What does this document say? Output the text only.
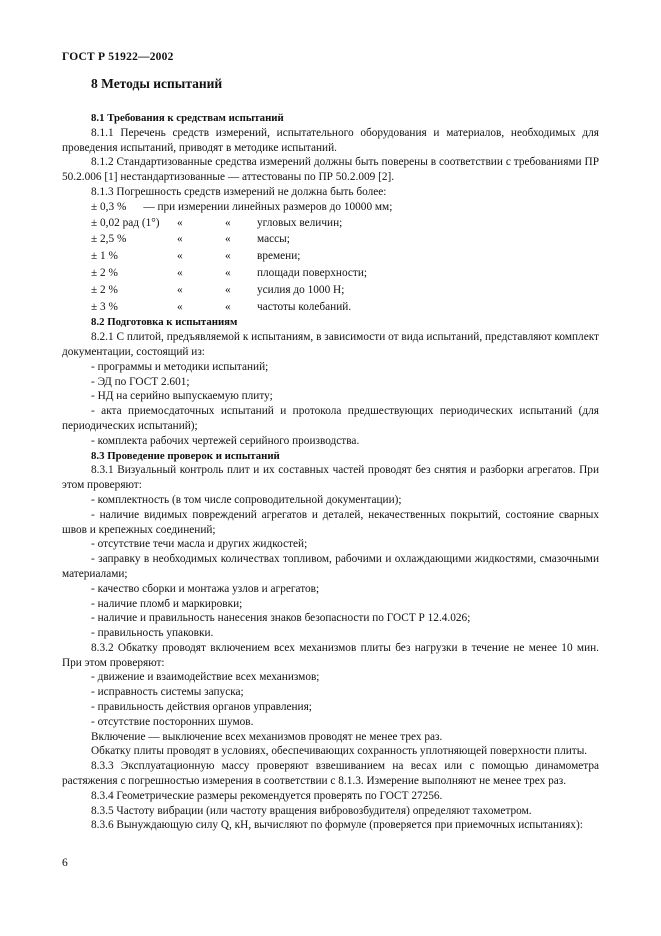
ГОСТ Р 51922—2002
8 Методы испытаний
8.1 Требования к средствам испытаний

8.1.1 Перечень средств измерений, испытательного оборудования и материалов, необходимых для проведения испытаний, приводят в методике испытаний.

8.1.2 Стандартизованные средства измерений должны быть поверены в соответствии с требованиями ПР 50.2.006 [1] нестандартизованные — аттестованы по ПР 50.2.009 [2].

8.1.3 Погрешность средств измерений не должна быть более:

± 0,3 %      — при измерении линейных размеров до 10000 мм;
± 0,02 рад (1°)	«	«	угловых величин;
± 2,5 %	«	«	массы;
± 1 %	«	«	времени;
± 2 %	«	«	площади поверхности;
± 2 %	«	«	усилия до 1000 Н;
± 3 %	«	«	частоты колебаний.
8.2 Подготовка к испытаниям

8.2.1 С плитой, предъявляемой к испытаниям, в зависимости от вида испытаний, представляют комплект документации, состоящий из:

- программы и методики испытаний;

- ЭД по ГОСТ 2.601;

- НД на серийно выпускаемую плиту;

- акта приемосдаточных испытаний и протокола предшествующих периодических испытаний (для периодических испытаний);

- комплекта рабочих чертежей серийного производства.

8.3 Проведение проверок и испытаний

8.3.1 Визуальный контроль плит и их составных частей проводят без снятия и разборки агрегатов. При этом проверяют:

- комплектность (в том числе сопроводительной документации);

- наличие видимых повреждений агрегатов и деталей, некачественных покрытий, состояние сварных швов и крепежных соединений;

- отсутствие течи масла и других жидкостей;

- заправку в необходимых количествах топливом, рабочими и охлаждающими жидкостями, смазочными материалами;

- качество сборки и монтажа узлов и агрегатов;

- наличие пломб и маркировки;

- наличие и правильность нанесения знаков безопасности по ГОСТ Р 12.4.026;

- правильность упаковки.

8.3.2 Обкатку проводят включением всех механизмов плиты без нагрузки в течение не менее 10 мин. При этом проверяют:

- движение и взаимодействие всех механизмов;

- исправность системы запуска;

- правильность действия органов управления;

- отсутствие посторонних шумов.

Включение — выключение всех механизмов проводят не менее трех раз.

Обкатку плиты проводят в условиях, обеспечивающих сохранность уплотняющей поверхности плиты.

8.3.3 Эксплуатационную массу проверяют взвешиванием на весах или с помощью динамометра растяжения с погрешностью измерения в соответствии с 8.1.3. Измерение выполняют не менее трех раз.

8.3.4 Геометрические размеры рекомендуется проверять по ГОСТ 27256.

8.3.5 Частоту вибрации (или частоту вращения вибровозбудителя) определяют тахометром.

8.3.6 Вынуждающую силу Q, кН, вычисляют по формуле (проверяется при приемочных испытаниях):

6
